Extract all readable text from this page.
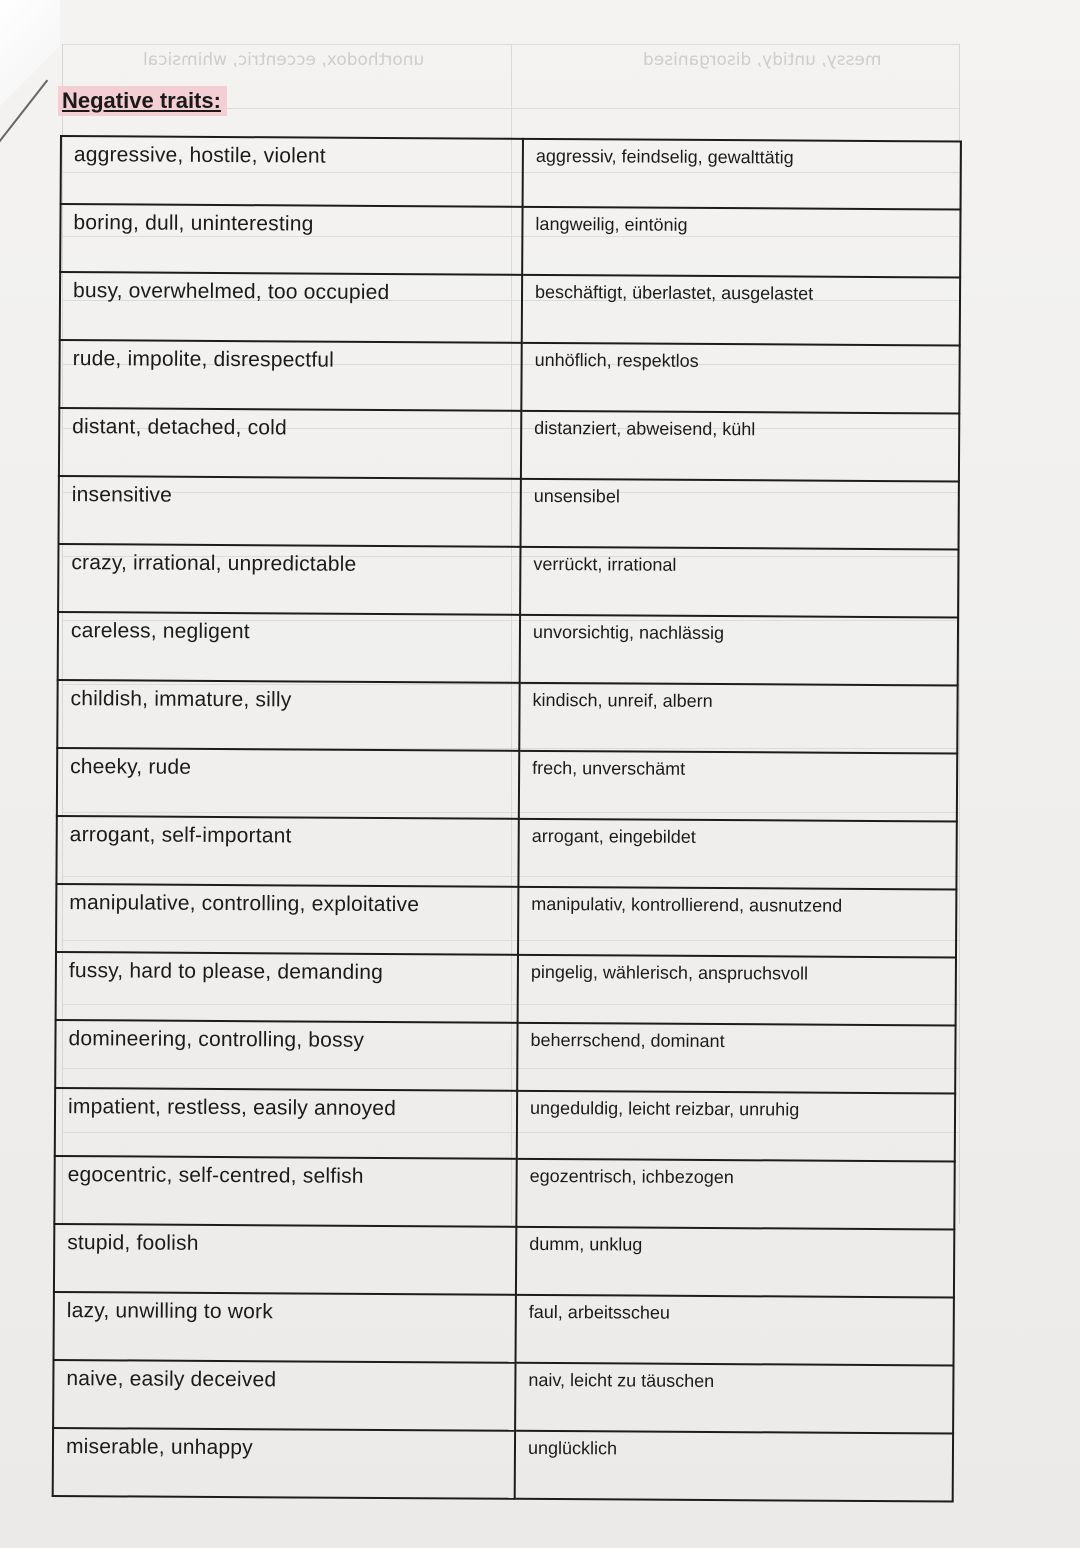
unorthodox, eccentric, whimsical	messy, untidy, disorganised
Negative traits:
aggressive, hostile, violent	aggressiv, feindselig, gewalttätig
boring, dull, uninteresting	langweilig, eintönig
busy, overwhelmed, too occupied	beschäftigt, überlastet, ausgelastet
rude, impolite, disrespectful	unhöflich, respektlos
distant, detached, cold	distanziert, abweisend, kühl
insensitive	unsensibel
crazy, irrational, unpredictable	verrückt, irrational
careless, negligent	unvorsichtig, nachlässig
childish, immature, silly	kindisch, unreif, albern
cheeky, rude	frech, unverschämt
arrogant, self-important	arrogant, eingebildet
manipulative, controlling, exploitative	manipulativ, kontrollierend, ausnutzend
fussy, hard to please, demanding	pingelig, wählerisch, anspruchsvoll
domineering, controlling, bossy	beherrschend, dominant
impatient, restless, easily annoyed	ungeduldig, leicht reizbar, unruhig
egocentric, self-centred, selfish	egozentrisch, ichbezogen
stupid, foolish	dumm, unklug
lazy, unwilling to work	faul, arbeitsscheu
naive, easily deceived	naiv, leicht zu täuschen
miserable, unhappy	unglücklich
